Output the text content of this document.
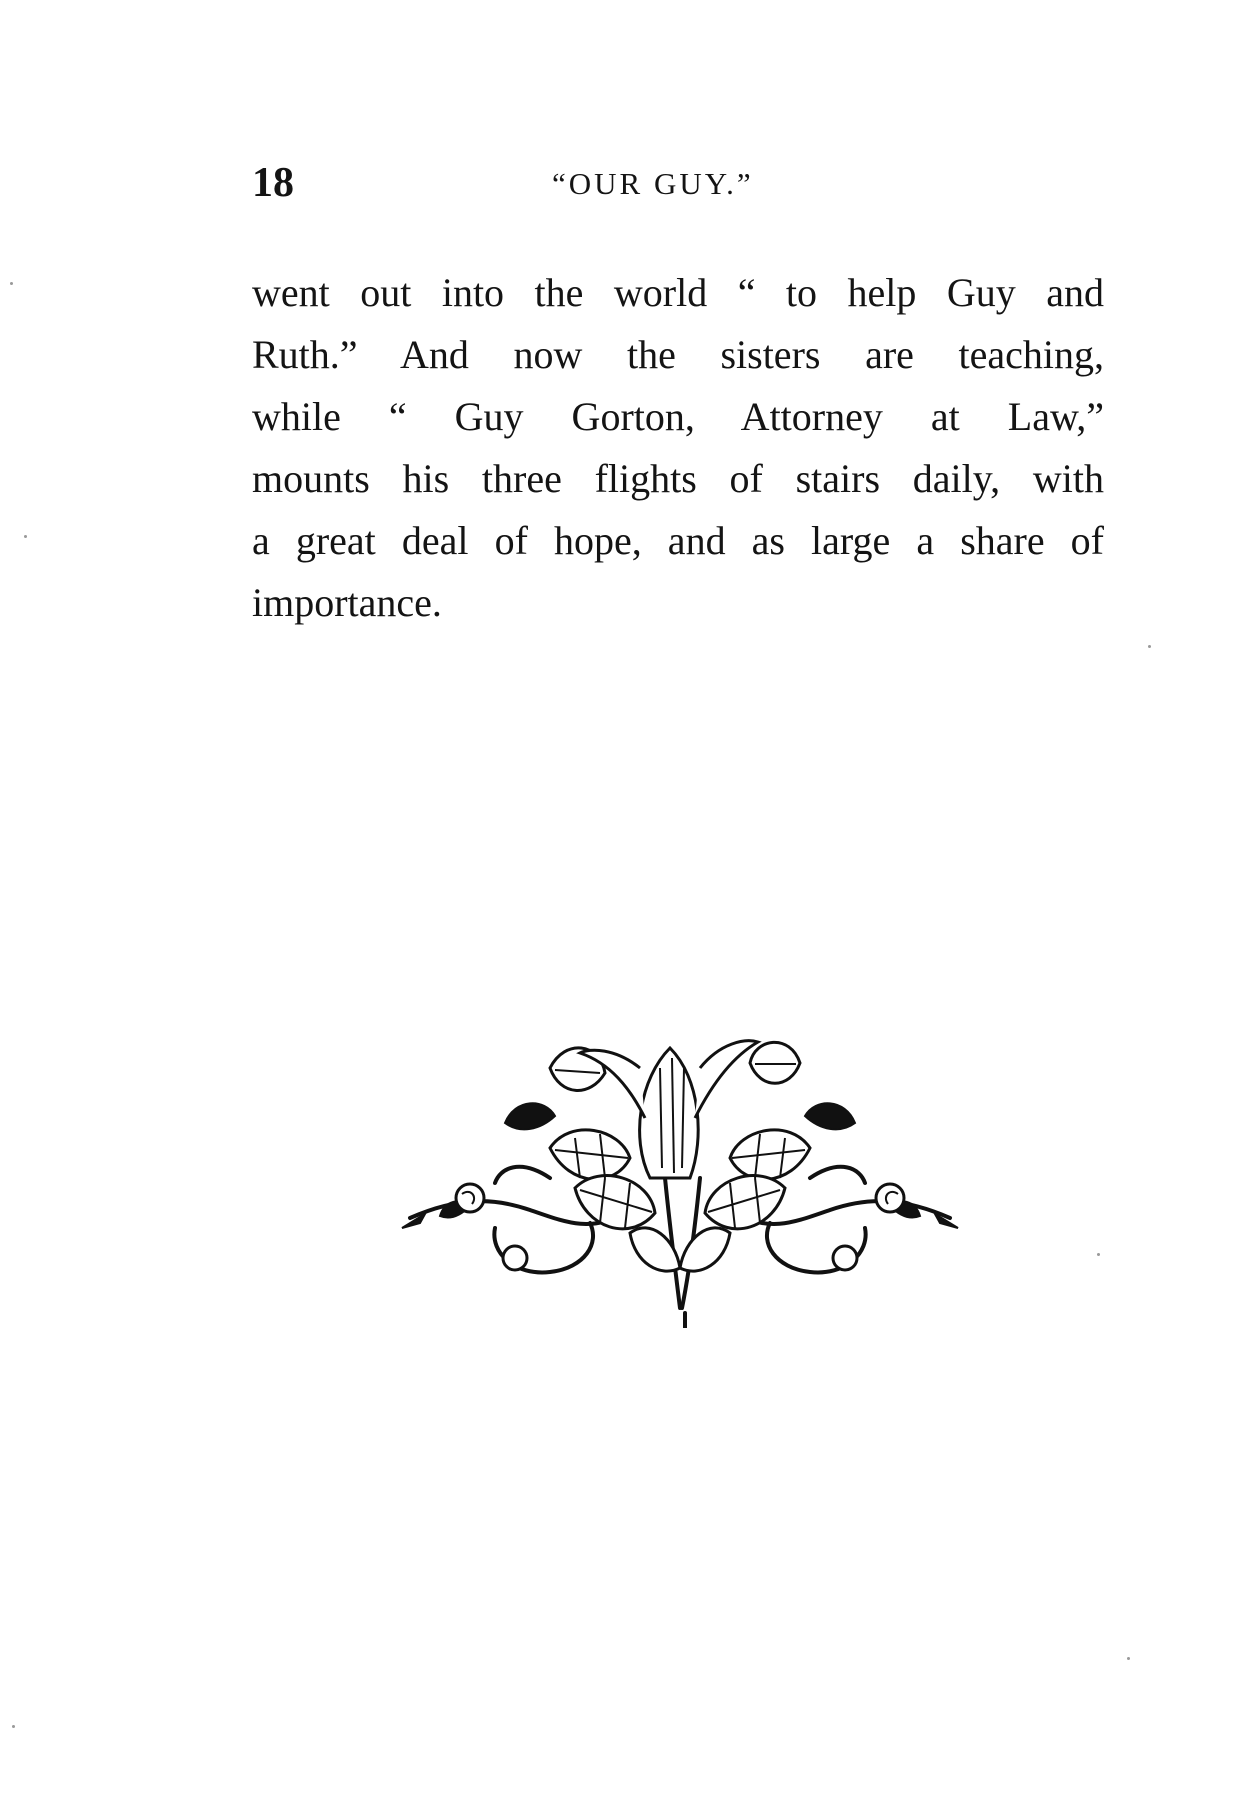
18	“OUR GUY.”
went out into the world “ to help Guy and
Ruth.” And now the sisters are teaching,
while “ Guy Gorton, Attorney at Law,”
mounts his three flights of stairs daily, with
a great deal of hope, and as large a share of
importance.
